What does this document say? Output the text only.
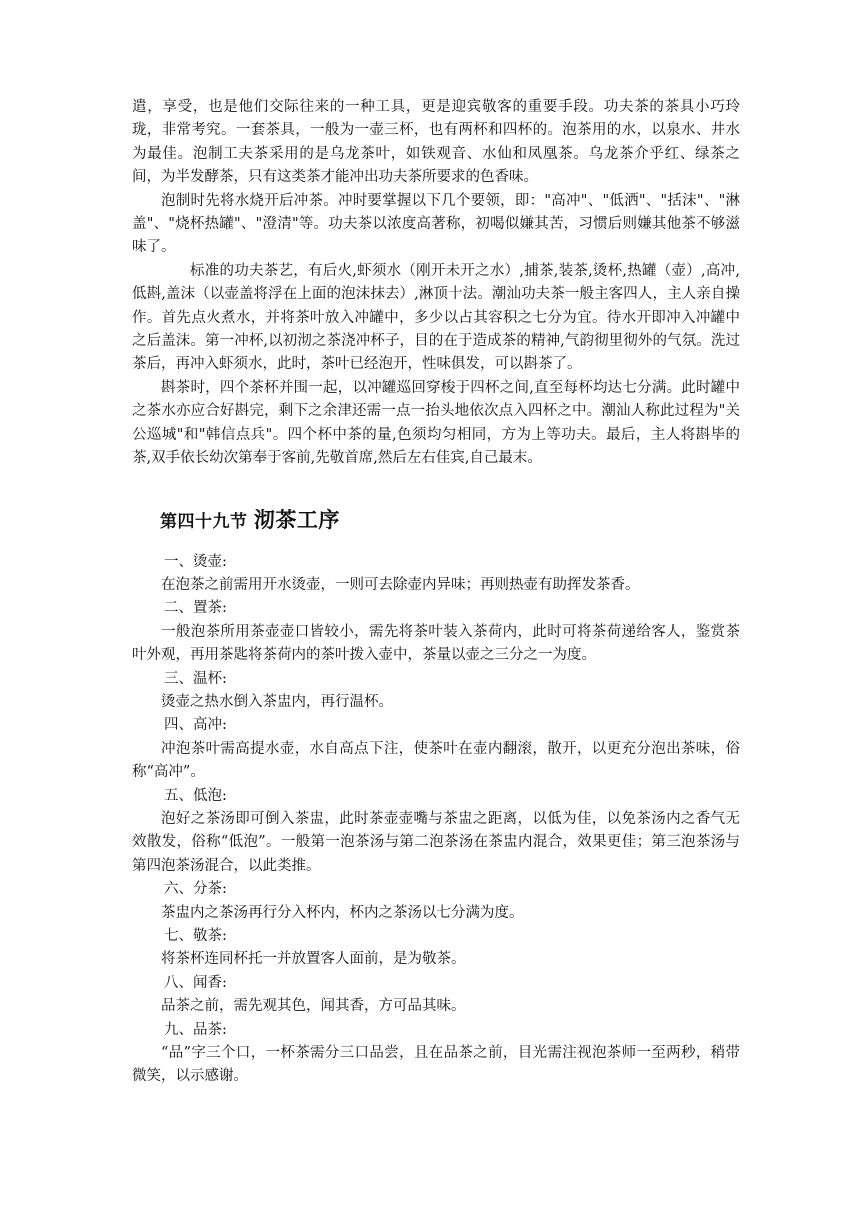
遣，享受，也是他们交际往来的一种工具，更是迎宾敬客的重要手段。功夫茶的茶具小巧玲珑，非常考究。一套茶具，一般为一壶三杯，也有两杯和四杯的。泡茶用的水，以泉水、井水为最佳。泡制工夫茶采用的是乌龙茶叶，如铁观音、水仙和凤凰茶。乌龙茶介乎红、绿茶之间，为半发酵茶，只有这类茶才能冲出功夫茶所要求的色香味。

泡制时先将水烧开后冲茶。冲时要掌握以下几个要领，即："高冲"、"低洒"、"括沫"、"淋盖"、"烧杯热罐"、"澄清"等。功夫茶以浓度高著称，初喝似嫌其苦，习惯后则嫌其他茶不够滋味了。

标准的功夫茶艺，有后火,虾须水（刚开未开之水）,捕茶,装茶,烫杯,热罐（壶）,高冲,低斟,盖沫（以壶盖将浮在上面的泡沫抹去）,淋顶十法。潮汕功夫茶一般主客四人，主人亲自操作。首先点火煮水，并将茶叶放入冲罐中，多少以占其容积之七分为宜。待水开即冲入冲罐中之后盖沫。第一冲杯,以初沏之茶浇冲杯子，目的在于造成茶的精神,气韵彻里彻外的气氛。洗过茶后，再冲入虾须水，此时，茶叶已经泡开，性味俱发，可以斟茶了。

斟茶时，四个茶杯并围一起，以冲罐巡回穿梭于四杯之间,直至每杯均达七分满。此时罐中之茶水亦应合好斟完，剩下之余津还需一点一抬头地依次点入四杯之中。潮汕人称此过程为"关公巡城"和"韩信点兵"。四个杯中茶的量,色须均匀相同，方为上等功夫。最后，主人将斟毕的茶,双手依长幼次第奉于客前,先敬首席,然后左右佳宾,自己最末。

第四十九节 沏茶工序

一、烫壶:

在泡茶之前需用开水烫壶，一则可去除壶内异味；再则热壶有助挥发茶香。

二、置茶:

一般泡茶所用茶壶壶口皆较小，需先将茶叶装入茶荷内，此时可将茶荷递给客人，鉴赏茶叶外观，再用茶匙将茶荷内的茶叶拨入壶中，茶量以壶之三分之一为度。

三、温杯:

烫壶之热水倒入茶盅内，再行温杯。

四、高冲:

冲泡茶叶需高提水壶，水自高点下注，使茶叶在壶内翻滚，散开，以更充分泡出茶味，俗称“高冲”。

五、低泡:

泡好之茶汤即可倒入茶盅，此时茶壶壶嘴与茶盅之距离，以低为佳，以免茶汤内之香气无效散发，俗称“低泡”。一般第一泡茶汤与第二泡茶汤在茶盅内混合，效果更佳；第三泡茶汤与第四泡茶汤混合，以此类推。

六、分茶:

茶盅内之茶汤再行分入杯内，杯内之茶汤以七分满为度。

七、敬茶:

将茶杯连同杯托一并放置客人面前，是为敬茶。

八、闻香:

品茶之前，需先观其色，闻其香，方可品其味。

九、品茶:

“品”字三个口，一杯茶需分三口品尝，且在品茶之前，目光需注视泡茶师一至两秒，稍带微笑，以示感谢。
